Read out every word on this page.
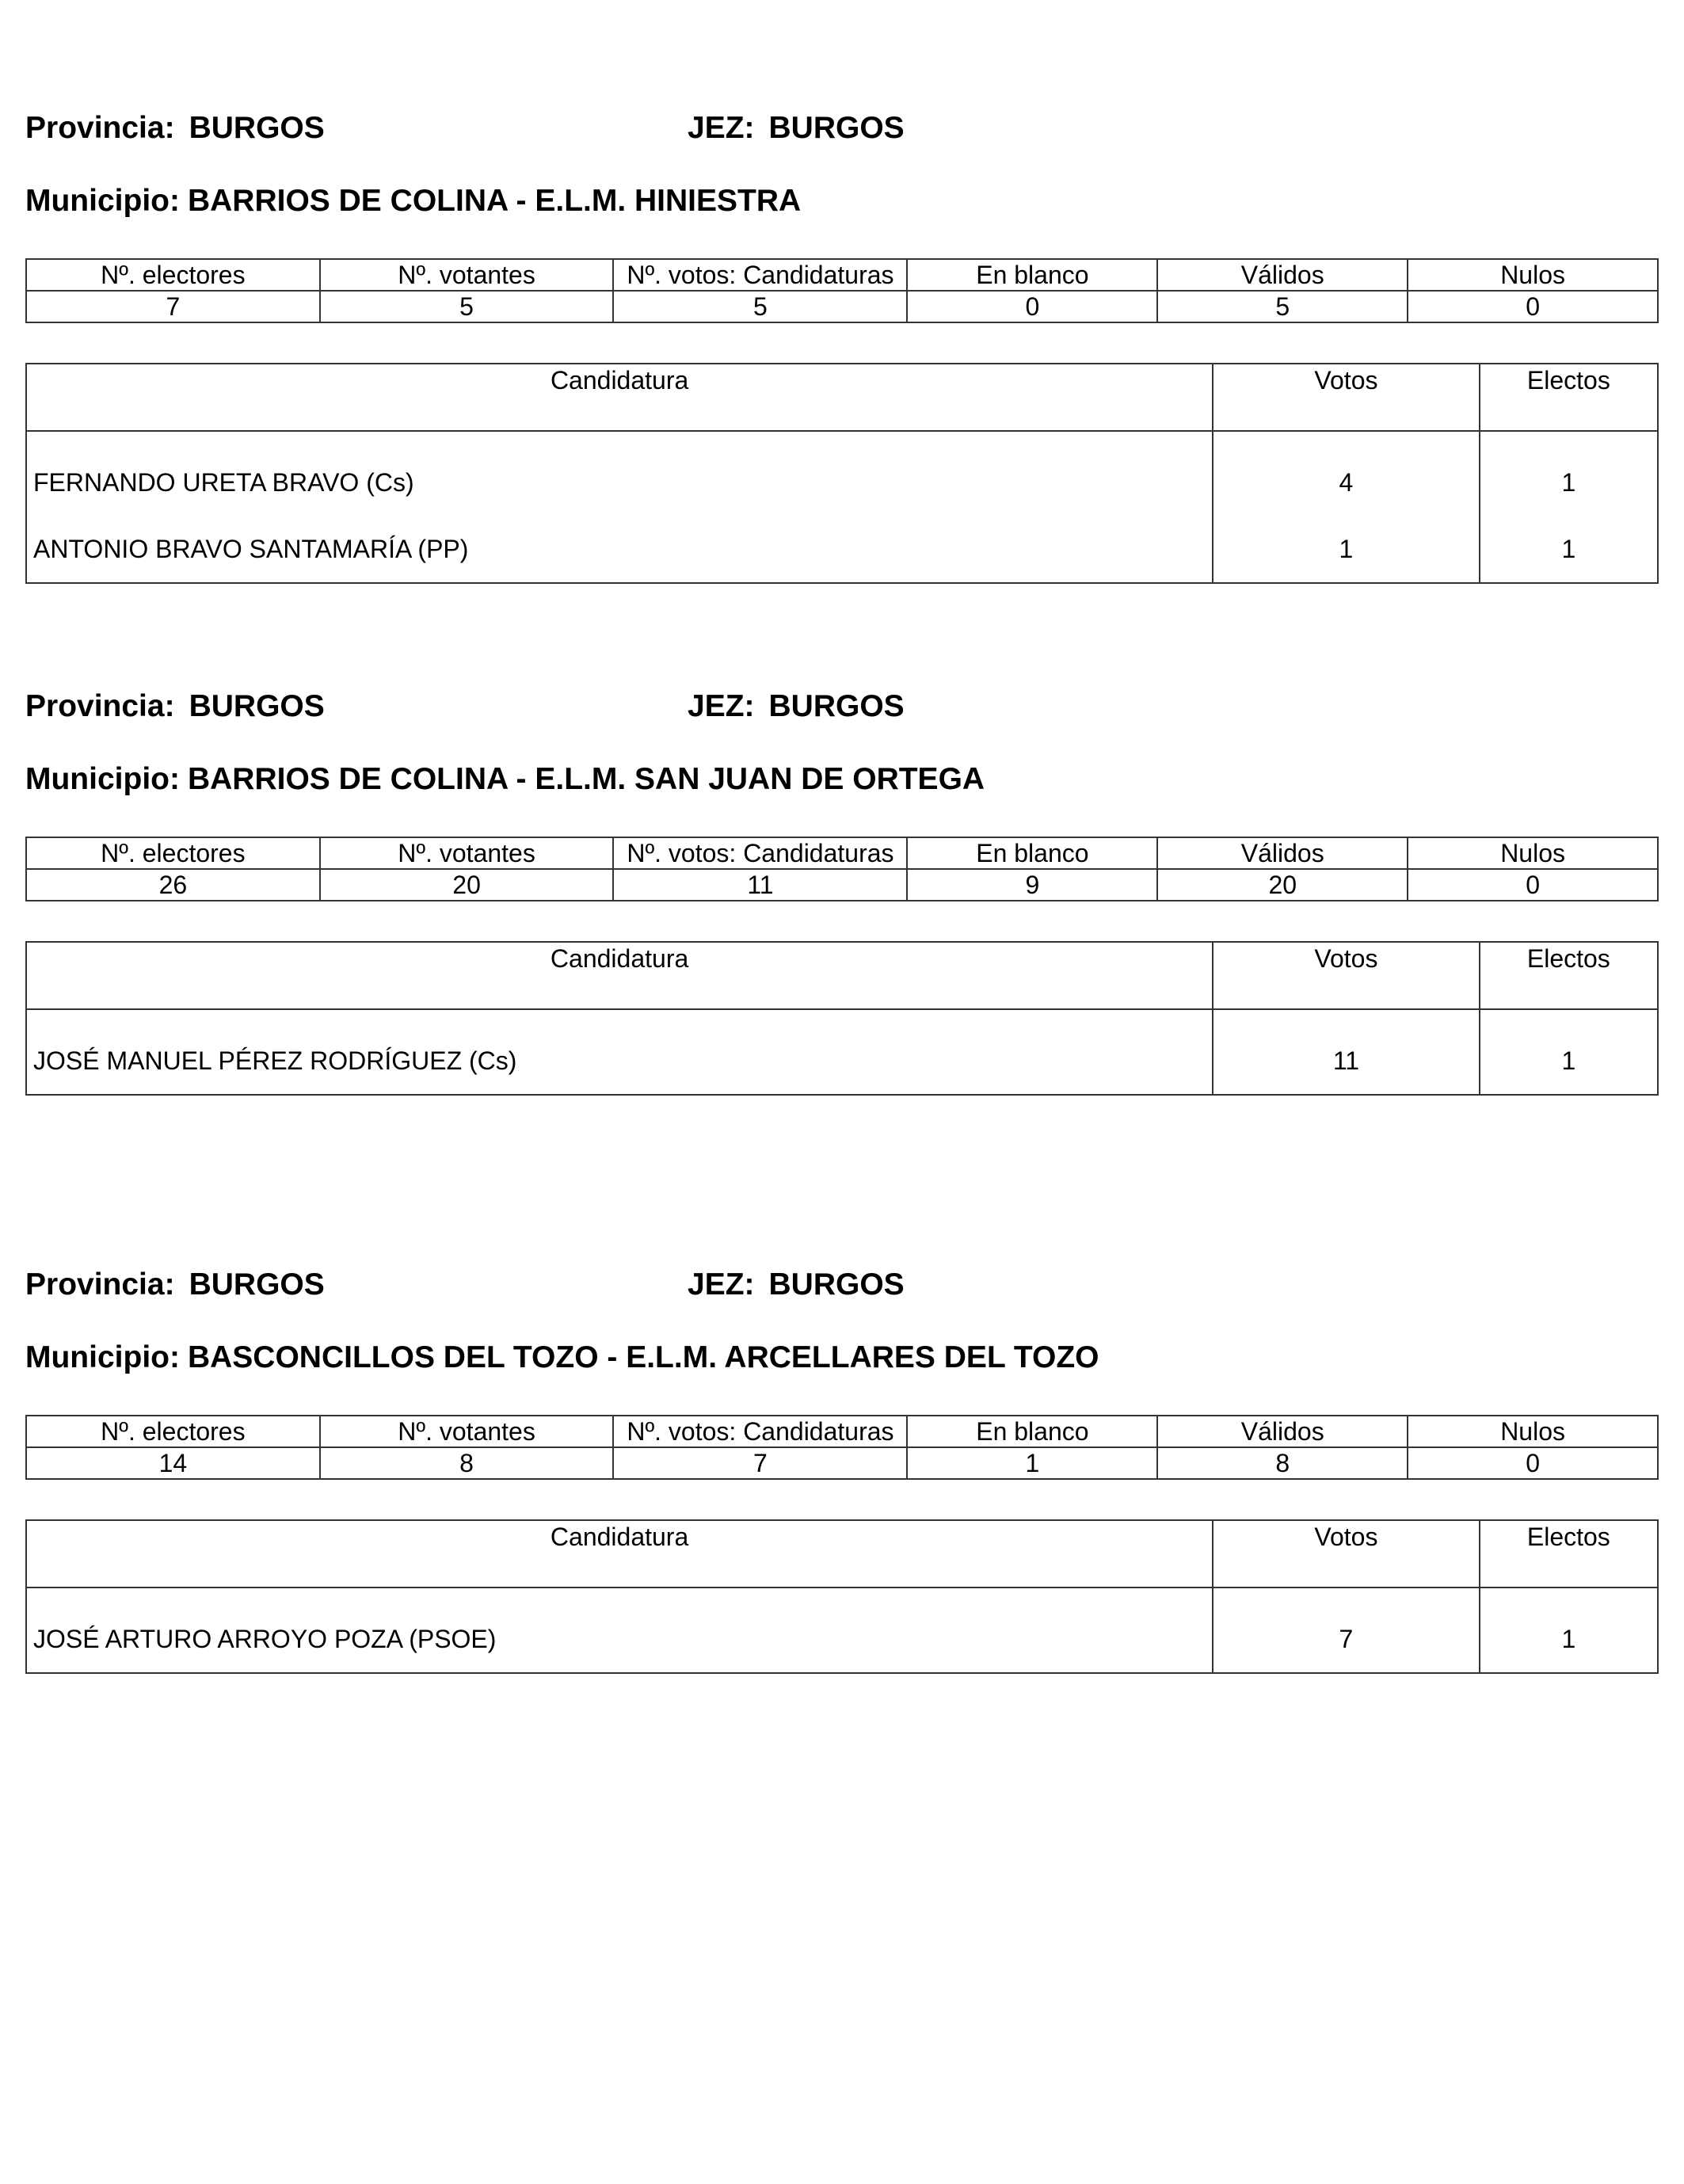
Provincia: BURGOS	JEZ: BURGOS
Municipio: BARRIOS DE COLINA - E.L.M. HINIESTRA
Nº. electores	Nº. votantes	Nº. votos: Candidaturas	En blanco	Válidos	Nulos
7	5	5	0	5	0
Candidatura	Votos	Electos
FERNANDO URETA BRAVO (Cs)	4	1
ANTONIO BRAVO SANTAMARÍA (PP)	1	1
Provincia: BURGOS	JEZ: BURGOS
Municipio: BARRIOS DE COLINA - E.L.M. SAN JUAN DE ORTEGA
Nº. electores	Nº. votantes	Nº. votos: Candidaturas	En blanco	Válidos	Nulos
26	20	11	9	20	0
Candidatura	Votos	Electos
JOSÉ MANUEL PÉREZ RODRÍGUEZ (Cs)	11	1
Provincia: BURGOS	JEZ: BURGOS
Municipio: BASCONCILLOS DEL TOZO - E.L.M. ARCELLARES DEL TOZO
Nº. electores	Nº. votantes	Nº. votos: Candidaturas	En blanco	Válidos	Nulos
14	8	7	1	8	0
Candidatura	Votos	Electos
JOSÉ ARTURO ARROYO POZA (PSOE)	7	1
